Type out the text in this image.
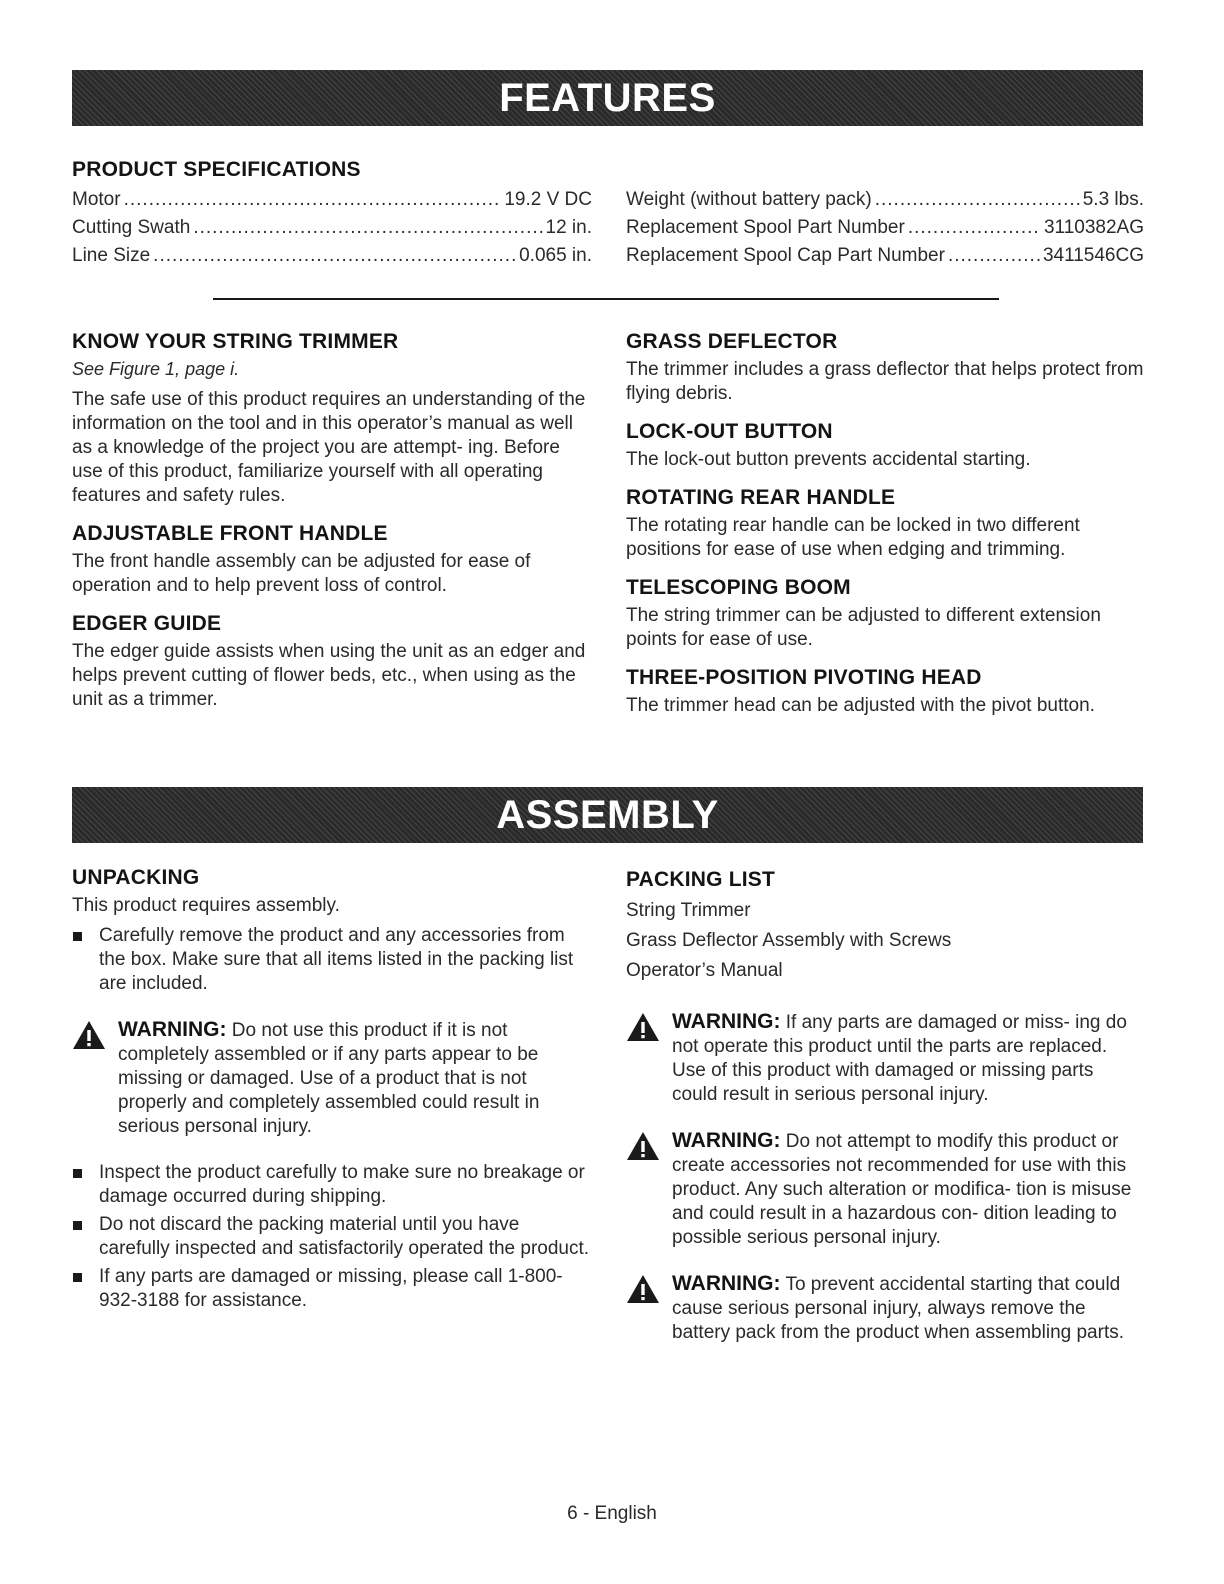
FEATURES
PRODUCT SPECIFICATIONS
Motor .....	19.2 V DC
Cutting Swath .....	12 in.
Line Size .....	0.065 in.
Weight (without battery pack) .....	5.3 lbs.
Replacement Spool Part Number .....	3110382AG
Replacement Spool Cap Part Number .....	3411546CG
KNOW YOUR STRING TRIMMER
See Figure 1, page i.

The safe use of this product requires an understanding of the information on the tool and in this operator’s manual as well as a knowledge of the project you are attempt- ing. Before use of this product, familiarize yourself with all operating features and safety rules.

ADJUSTABLE FRONT HANDLE

The front handle assembly can be adjusted for ease of operation and to help prevent loss of control.

EDGER GUIDE

The edger guide assists when using the unit as an edger and helps prevent cutting of flower beds, etc., when using as the unit as a trimmer.

GRASS DEFLECTOR

The trimmer includes a grass deflector that helps protect from flying debris.

LOCK-OUT BUTTON

The lock-out button prevents accidental starting.

ROTATING REAR HANDLE

The rotating rear handle can be locked in two different positions for ease of use when edging and trimming.

TELESCOPING BOOM

The string trimmer can be adjusted to different extension points for ease of use.

THREE-POSITION PIVOTING HEAD

The trimmer head can be adjusted with the pivot button.

ASSEMBLY
UNPACKING

This product requires assembly.

Carefully remove the product and any accessories from the box. Make sure that all items listed in the packing list are included.
WARNING: Do not use this product if it is not completely assembled or if any parts appear to be missing or damaged. Use of a product that is not properly and completely assembled could result in serious personal injury.
Inspect the product carefully to make sure no breakage or damage occurred during shipping.
Do not discard the packing material until you have carefully inspected and satisfactorily operated the product.
If any parts are damaged or missing, please call 1-800-932-3188 for assistance.
PACKING LIST

String Trimmer

Grass Deflector Assembly with Screws

Operator’s Manual

WARNING: If any parts are damaged or miss- ing do not operate this product until the parts are replaced. Use of this product with damaged or missing parts could result in serious personal injury.
WARNING: Do not attempt to modify this product or create accessories not recommended for use with this product. Any such alteration or modifica- tion is misuse and could result in a hazardous con- dition leading to possible serious personal injury.
WARNING: To prevent accidental starting that could cause serious personal injury, always remove the battery pack from the product when assembling parts.
6 - English
